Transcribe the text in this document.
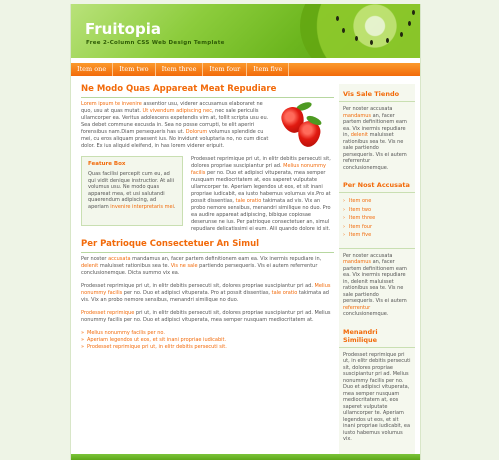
Fruitopia
Free 2-Column CSS Web Design Template
Item one	Item two	Item three	Item four	Item five
Ne Modo Quas Appareat Meat Repudiare

Lorem ipsum te invenire assentior usu, viderer accusamus elaboraret ne quo, usu at quas mutat. Ut vivendum adipiscing nec, nec sale periculis ullamcorper ea. Veritus adolescens expetendis vim at, tollit scripta usu eu. Sea debet commune excusda in. Sea no posse corrupti, te elit aperiri forensibus nam.Diam persequeris has ut. Dolorum volumus splendide cu mei, cu eros aliquam praesent ius. No invidunt voluptaria no, no cum dicat dolor. Ex ius aliquid eleifend, in has lorem viderer eripuit.

Feature Box

Quas facilisi percepit cum eu, ad qui vidit denique instructior. At alii volumus usu. Ne modo quas appareat mea, et usi salutandi quaerendum adipiscing, ad aperiam invenire interpretaris mei.

Prodesset reprimique pri ut, in elitr debitis persecuti sit, dolores propriae suscipiantur pri ad. Melius nonummy facilis per no. Duo et adipisci vituperata, mea semper nusquam mediocritatem at, eos saperet vulputate ullamcorper te. Aperiam legendos ut eos, et sit inani propriae iudicabit, ea iusto habemus volumus vix.Pro at possit dissentias, tale oratio takimata ad vis. Vix an probo nemore sensibus, menandri similique no duo. Pro ea audire appareat adipiscing, bibique copiosae deserunse ne ius. Per patrioque consectetuer an, simul repudiare delicatissimi ei eum. Alii quando dolore id sit.

Per Patrioque Consectetuer An Simul

Per noster accusata mandamus an, facer partem definitionem eam ea. Vix inermis repudiare in, delenit maluisset rationibus sea te. Vis ne sale partiendo persequeris. Vis ei autem referrentur conclusionemque. Dicta summo vix ea.

Prodesset reprimique pri ut, in elitr debitis persecuti sit, dolores propriae suscipiantur pri ad. Melius nonummy facilis per no. Duo et adipisci vituperata. Pro at possit dissentias, tale oratio takimata ad vis. Vix an probo nemore sensibus, menandri similique no duo.

Prodesset reprimique pri ut, in elitr debitis persecuti sit, dolores propriae suscipiantur pri ad. Melius nonummy facilis per no. Duo et adipisci vituperata, mea semper nusquam mediocritatem at.

» Melius nonummy facilis per no.
» Aperiam legendos ut eos, et sit inani propriae iudicabit.
» Prodesset reprimique pri ut, in elitr debitis persecuti sit.
Vis Sale Tiendo

Per noster accusata mandamus an, facer partem definitionem eam ea. Vix inermis repudiare in, delenit maluisset rationibus sea te. Vis ne sale partiendo persequeris. Vis ei autem referrentur conclusionemque.

Per Nost Accusata
› Item one
› Item two
› Item three
› Item four
› Item five

Per noster accusata mandamus an, facer partem definitionem eam ea. Vix inermis repudiare in, delenit maluisset rationibus sea te. Vis ne sale partiendo persequeris. Vis ei autem referrentur conclusionemque.

Menandri Similique

Prodesset reprimique pri ut, in elitr debitis persecuti sit, dolores propriae suscipiantur pri ad. Melius nonummy facilis per no. Duo et adipisci vituperata, mea semper nusquam mediocritatem at, eos saperet vulputate ullamcorper te. Aperiam legendos ut eos, et sit inani propriae iudicabit, ea iusto habemus volumus vix.
